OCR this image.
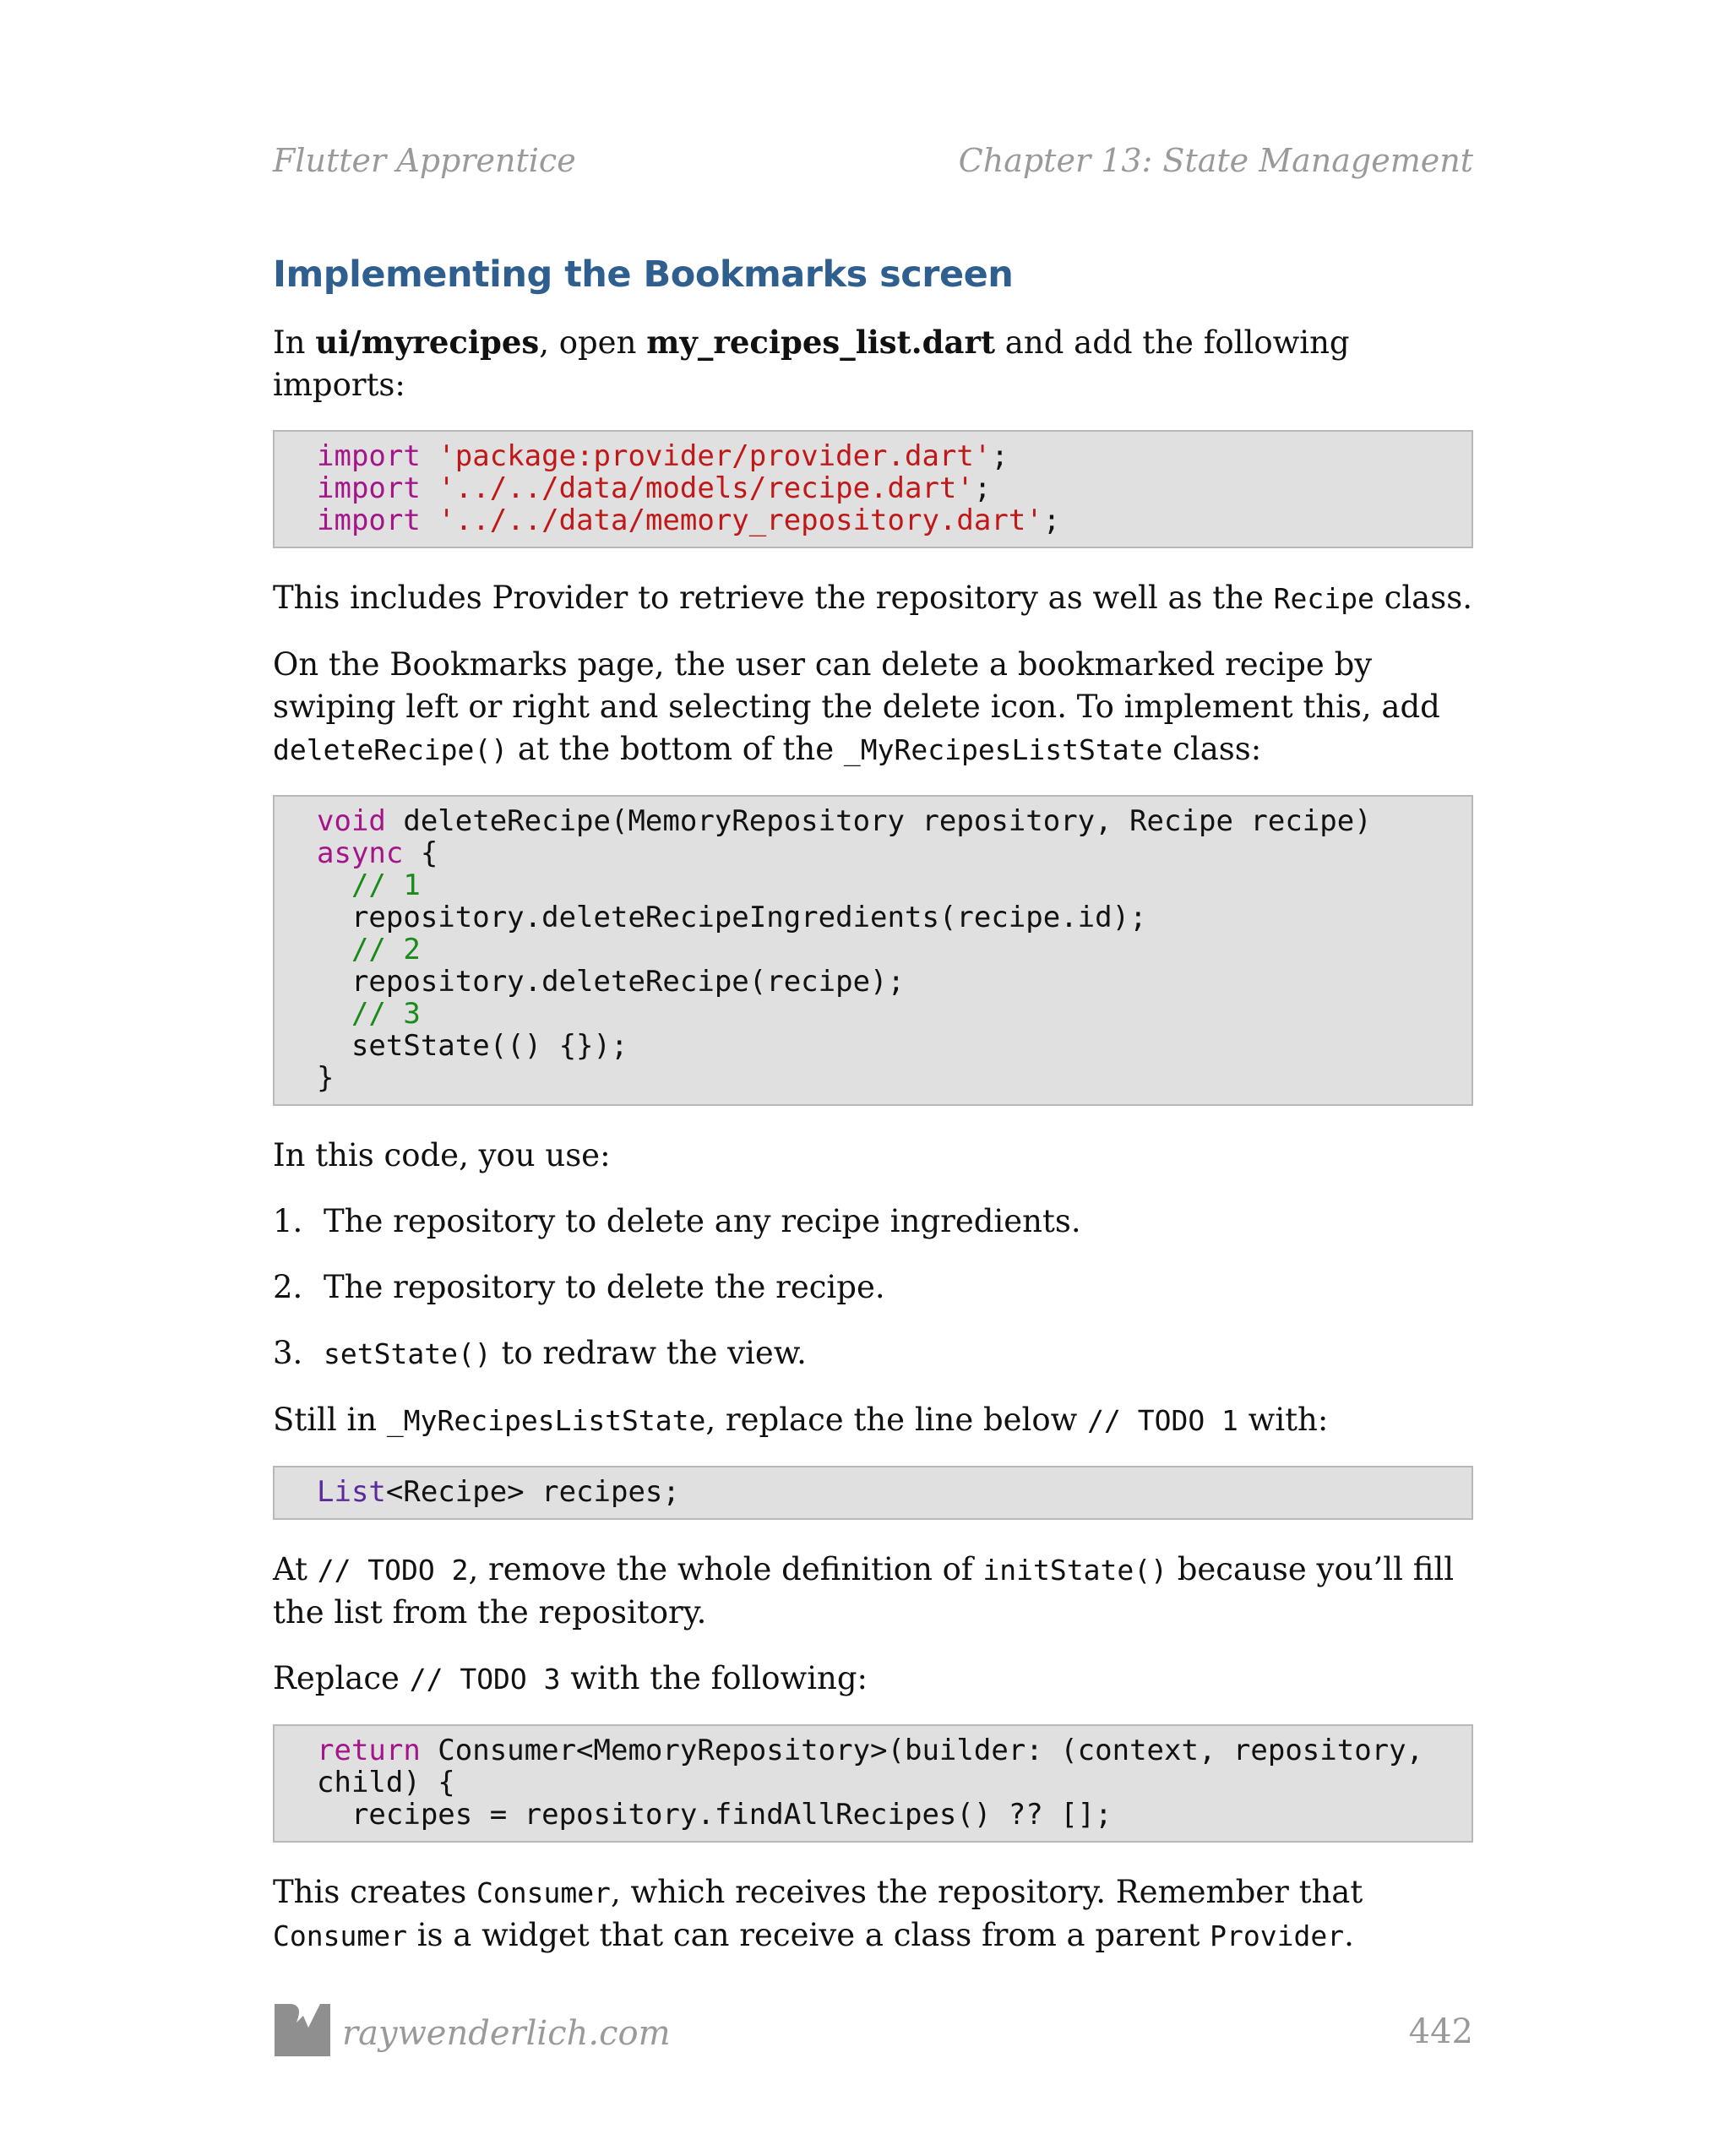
Flutter Apprentice	Chapter 13: State Management
Implementing the Bookmarks screen

In ui/myrecipes, open my_recipes_list.dart and add the following imports:

import 'package:provider/provider.dart';
import '../../data/models/recipe.dart';
import '../../data/memory_repository.dart';

This includes Provider to retrieve the repository as well as the Recipe class.

On the Bookmarks page, the user can delete a bookmarked recipe by swiping left or right and selecting the delete icon. To implement this, add deleteRecipe() at the bottom of the _MyRecipesListState class:

void deleteRecipe(MemoryRepository repository, Recipe recipe)
async {
// 1
repository.deleteRecipeIngredients(recipe.id);
// 2
repository.deleteRecipe(recipe);
// 3
setState(() {});
}

In this code, you use:

1. The repository to delete any recipe ingredients.
2. The repository to delete the recipe.
3. setState() to redraw the view.

Still in _MyRecipesListState, replace the line below // TODO 1 with:

List<Recipe> recipes;

At // TODO 2, remove the whole definition of initState() because you’ll fill the list from the repository.

Replace // TODO 3 with the following:

return Consumer<MemoryRepository>(builder: (context, repository,
child) {
recipes = repository.findAllRecipes() ?? [];

This creates Consumer, which receives the repository. Remember that Consumer is a widget that can receive a class from a parent Provider.

raywenderlich.com	442
